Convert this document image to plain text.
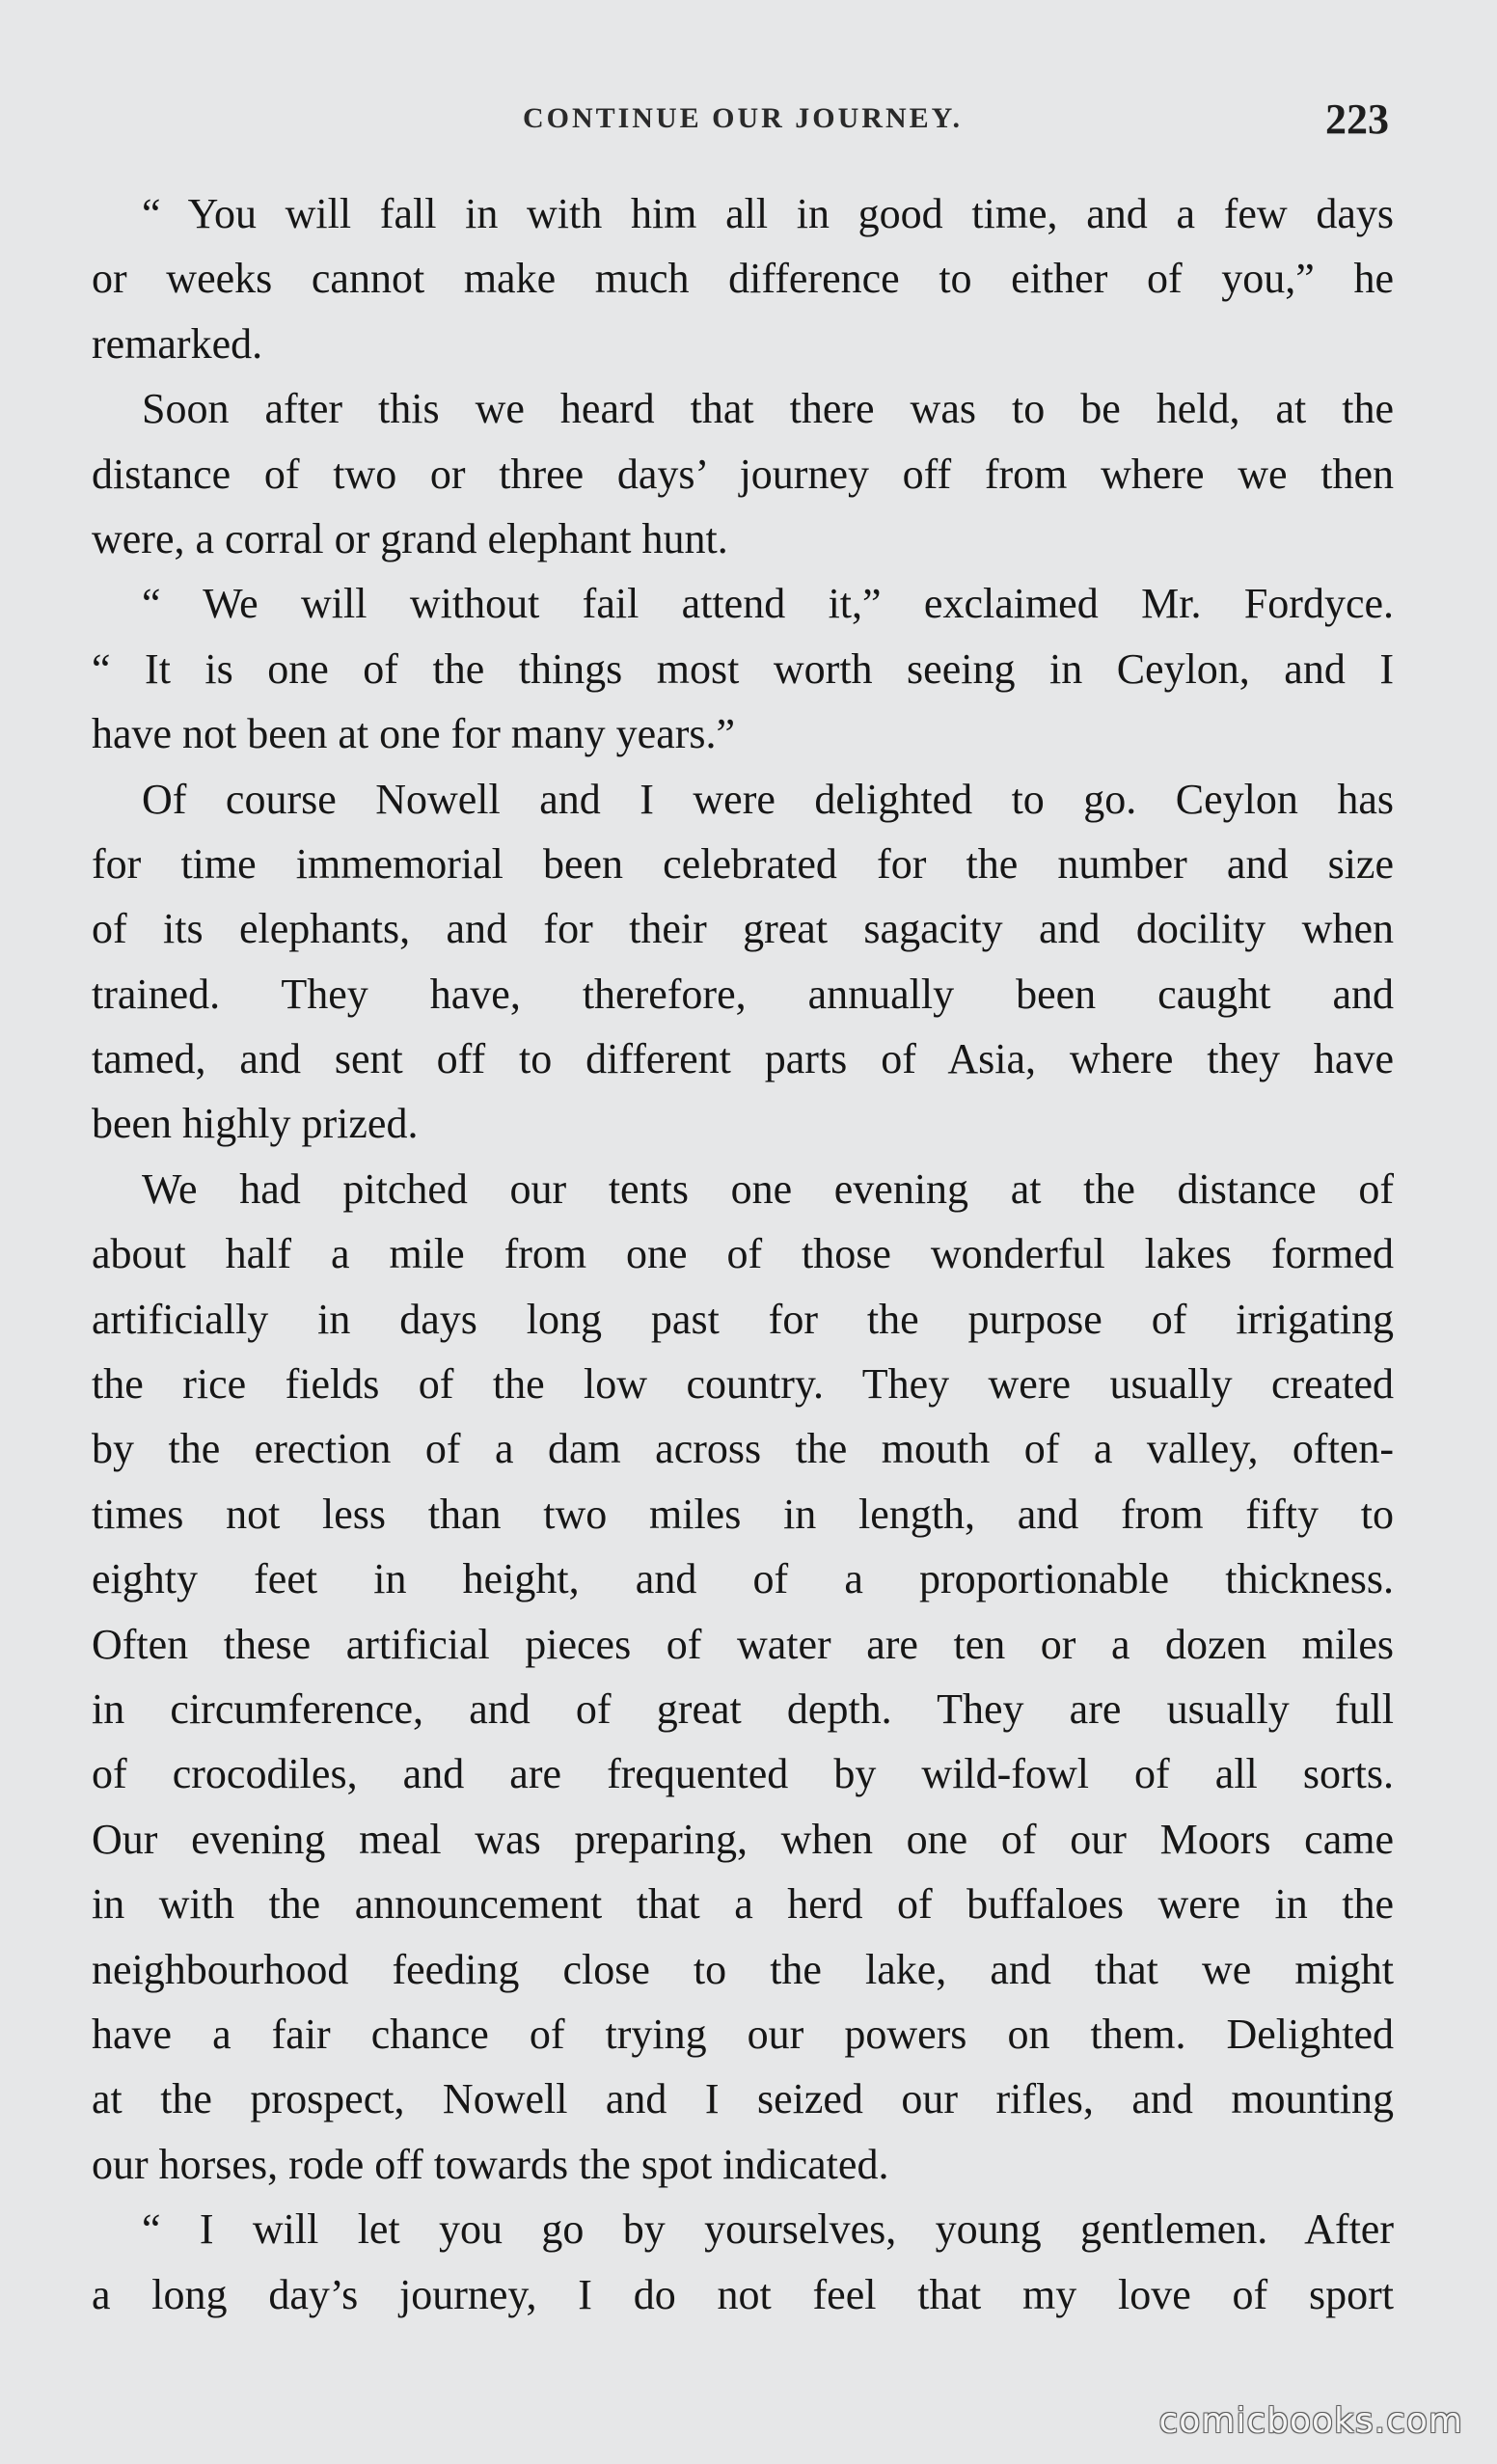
CONTINUE OUR JOURNEY.	223
“ You will fall in with him all in good time, and a few days
or weeks cannot make much difference to either of you,” he
remarked.
Soon after this we heard that there was to be held, at the
distance of two or three days’ journey off from where we then
were, a corral or grand elephant hunt.
“ We will without fail attend it,” exclaimed Mr. Fordyce.
“ It is one of the things most worth seeing in Ceylon, and I
have not been at one for many years.”
Of course Nowell and I were delighted to go. Ceylon has
for time immemorial been celebrated for the number and size
of its elephants, and for their great sagacity and docility when
trained. They have, therefore, annually been caught and
tamed, and sent off to different parts of Asia, where they have
been highly prized.
We had pitched our tents one evening at the distance of
about half a mile from one of those wonderful lakes formed
artificially in days long past for the purpose of irrigating
the rice fields of the low country. They were usually created
by the erection of a dam across the mouth of a valley, often-
times not less than two miles in length, and from fifty to
eighty feet in height, and of a proportionable thickness.
Often these artificial pieces of water are ten or a dozen miles
in circumference, and of great depth. They are usually full
of crocodiles, and are frequented by wild-fowl of all sorts.
Our evening meal was preparing, when one of our Moors came
in with the announcement that a herd of buffaloes were in the
neighbourhood feeding close to the lake, and that we might
have a fair chance of trying our powers on them. Delighted
at the prospect, Nowell and I seized our rifles, and mounting
our horses, rode off towards the spot indicated.
“ I will let you go by yourselves, young gentlemen. After
a long day’s journey, I do not feel that my love of sport
comicbooks.com
